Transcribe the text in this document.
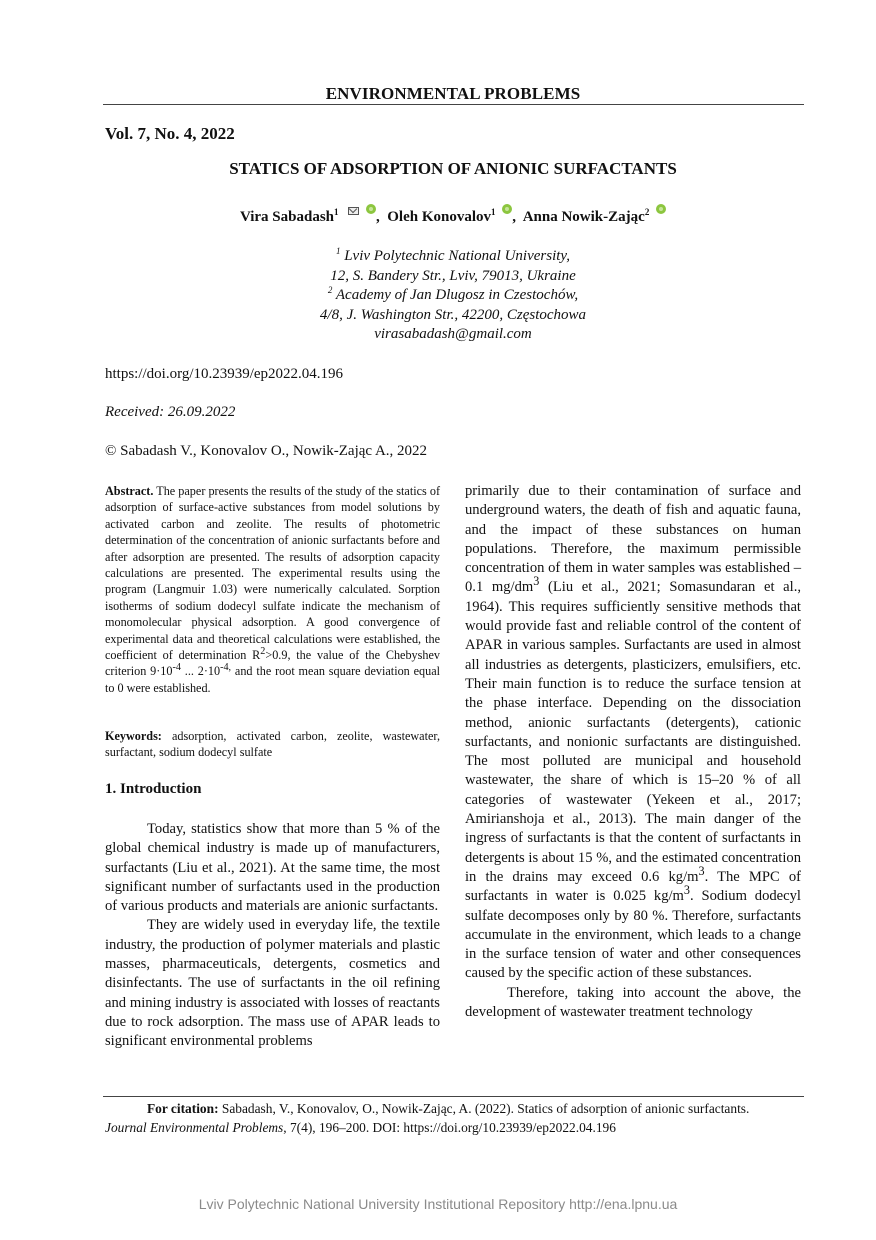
ENVIRONMENTAL PROBLEMS
Vol. 7, No. 4, 2022
STATICS OF ADSORPTION OF ANIONIC SURFACTANTS
Vira Sabadash$^1$	,  Oleh Konovalov$^1$ ,  Anna Nowik-Zając$^2$
$^1$ Lviv Polytechnic National University,
12, S. Bandery Str., Lviv, 79013, Ukraine
$^2$ Academy of Jan Dlugosz in Czestochów,
4/8, J. Washington Str., 42200, Częstochowa
virasabadash@gmail.com
https://doi.org/10.23939/ep2022.04.196
Received: 26.09.2022
© Sabadash V., Konovalov O., Nowik-Zając A., 2022
Abstract. The paper presents the results of the study of the statics of adsorption of surface-active substances from model solutions by activated carbon and zeolite. The results of photometric determination of the concentration of anionic surfactants before and after adsorption are presented. The results of adsorption capacity calculations are presented. The experimental results using the program (Langmuir 1.03) were numerically calculated. Sorption isotherms of sodium dodecyl sulfate indicate the mechanism of monomolecular physical adsorption. A good convergence of experimental data and theoretical calculations were established, the coefficient of determination $R^2>0.9$, the value of the Chebyshev criterion $9\cdot 10^{-4}$ ... $2\cdot 10^{-4,}$ and the root mean square deviation equal to 0 were established.
Keywords: adsorption, activated carbon, zeolite, wastewater, surfactant, sodium dodecyl sulfate
1. Introduction

Today, statistics show that more than 5 % of the global chemical industry is made up of manufacturers, surfactants (Liu et al., 2021). At the same time, the most significant number of surfactants used in the production of various products and materials are anionic surfactants.

They are widely used in everyday life, the textile industry, the production of polymer materials and plastic masses, pharmaceuticals, detergents, cosmetics and disinfectants. The use of surfactants in the oil refining and mining industry is associated with losses of reactants due to rock adsorption. The mass use of APAR leads to significant environmental problems

primarily due to their contamination of surface and underground waters, the death of fish and aquatic fauna, and the impact of these substances on human populations. Therefore, the maximum permissible concentration of them in water samples was established – 0.1 $mg/dm^3$ (Liu et al., 2021; Somasundaran et al., 1964). This requires sufficiently sensitive methods that would provide fast and reliable control of the content of APAR in various samples. Surfactants are used in almost all industries as detergents, plasticizers, emulsifiers, etc. Their main function is to reduce the surface tension at the phase interface. Depending on the dissociation method, anionic surfactants (detergents), cationic surfactants, and nonionic surfactants are distinguished. The most polluted are municipal and household wastewater, the share of which is 15–20 % of all categories of wastewater (Yekeen et al., 2017; Amirianshoja et al., 2013). The main danger of the ingress of surfactants is that the content of surfactants in detergents is about 15 %, and the estimated concentration in the drains may exceed 0.6 $kg/m^3$. The MPC of surfactants in water is 0.025 $kg/m^3$. Sodium dodecyl sulfate decomposes only by 80 %. Therefore, surfactants accumulate in the environment, which leads to a change in the surface tension of water and other consequences caused by the specific action of these substances.

Therefore, taking into account the above, the development of wastewater treatment technology

For citation: Sabadash, V., Konovalov, O., Nowik-Zając, A. (2022). Statics of adsorption of anionic surfactants.
Journal Environmental Problems, 7(4), 196–200. DOI: https://doi.org/10.23939/ep2022.04.196
Lviv Polytechnic National University Institutional Repository http://ena.lpnu.ua
